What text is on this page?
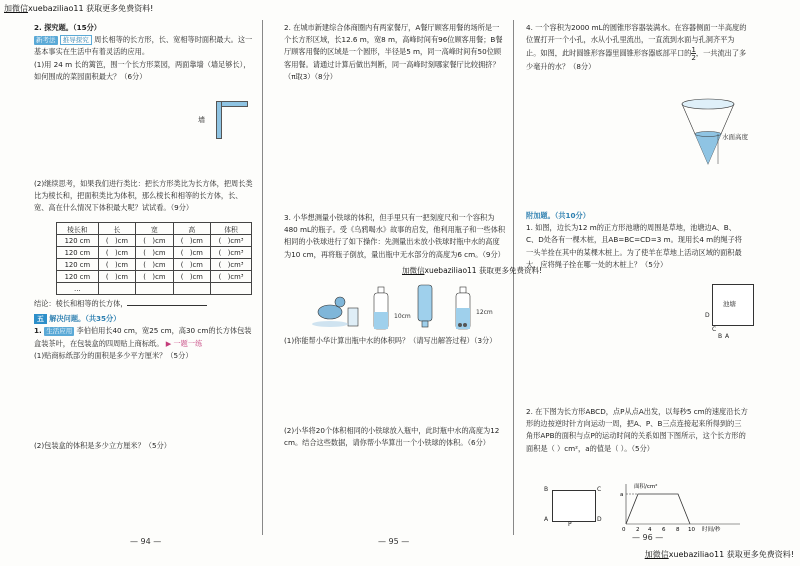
加微信xuebaziliao11 获取更多免费资料!

2. 探究题。（15分）

新考法 推导探究 周长相等的长方形，长、宽相等时面积最大。这一基本事实在生活中有着灵活的应用。

(1)用 24 m 长的篱笆，围一个长方形菜园，两面靠墙（墙足够长），如何围成的菜园面积最大？（6分）

墙

(2)继续思考，如果我们进行类比：把长方形类比为长方体，把周长类比为棱长和，把面积类比为体积，那么棱长和相等的长方体，长、宽、高在什么情况下体积最大呢？试试看。（9分）

棱长和	长	宽	高	体积
120 cm	(   )cm	(   )cm	(   )cm	(   )cm³
120 cm	(   )cm	(   )cm	(   )cm	(   )cm³
120 cm	(   )cm	(   )cm	(   )cm	(   )cm³
120 cm	(   )cm	(   )cm	(   )cm	(   )cm³
…				

结论：棱长和相等的长方体，

五 解决问题。（共35分）

1. 生活应用 李伯伯用长40 cm，宽25 cm，高30 cm的长方体包装盒装茶叶，在包装盒的四周贴上商标纸。 ▶ 一题一练

(1)贴商标纸部分的面积是多少平方厘米？（5分）

(2)包装盒的体积是多少立方厘米？（5分）

— 94 —

2. 在城市新建综合体商圈内有两家餐厅，A餐厅顾客用餐的场所是一个长方形区域，长12.6 m，宽8 m，高峰时间有96位顾客用餐；B餐厅顾客用餐的区域是一个圆形，半径是5 m，同一高峰时间有50位顾客用餐。请通过计算后做出判断，同一高峰时刻哪家餐厅比较拥挤？（π取3）（8分）

3. 小华想测量小铁球的体积，但手里只有一把刻度尺和一个容积为480 mL的瓶子。受《乌鸦喝水》故事的启发，他利用瓶子和一些体积相同的小铁球进行了如下操作：先测量出未放小铁球时瓶中水的高度为10 cm，再将瓶子倒放，量出瓶中无水部分的高度为6 cm。（9分）

加微信xuebaziliao11 获取更多免费资料!
10cm
12cm

(1)你能帮小华计算出瓶中水的体积吗？（请写出解答过程）（3分）

(2)小华将20个体积相同的小铁球放入瓶中，此时瓶中水的高度为12 cm。结合这些数据，请你帮小华算出一个小铁球的体积。（6分）

— 95 —

4. 一个容积为2000 mL的圆锥形容器装满水。在容器侧面一半高度的位置打开一个小孔，水从小孔里流出，一直流到水面与孔洞齐平为止。如图，此时圆锥形容器里圆锥形容器底部平口的 $\frac{1}{2}$ ，一共流出了多少毫升的水？（8分）

水面高度

附加题。（共10分）

1. 如图，边长为12 m的正方形池塘的周围是草地，池塘边A、B、C、D处各有一棵木桩，且AB=BC=CD=3 m。现用长4 m的绳子将一头羊拴在其中的某棵木桩上。为了使羊在草地上活动区域的面积最大，应将绳子拴在哪一处的木桩上？（5分）

池塘
D
C
B A

2. 在下图为长方形ABCD，点P从点A出发，以每秒5 cm的速度沿长方形的边按逆时针方向运动一周，把A、P、B三点连接起来所得到的三角形APB的面积与点P的运动时间的关系如图下图所示，这个长方形的面积是（ ）cm²，a的值是（ ）。（5分）

B	C
A	D
P
面积/cm²
a
0 2 4 6 8 10 时间/秒
— 96 —
加微信xuebaziliao11 获取更多免费资料!
